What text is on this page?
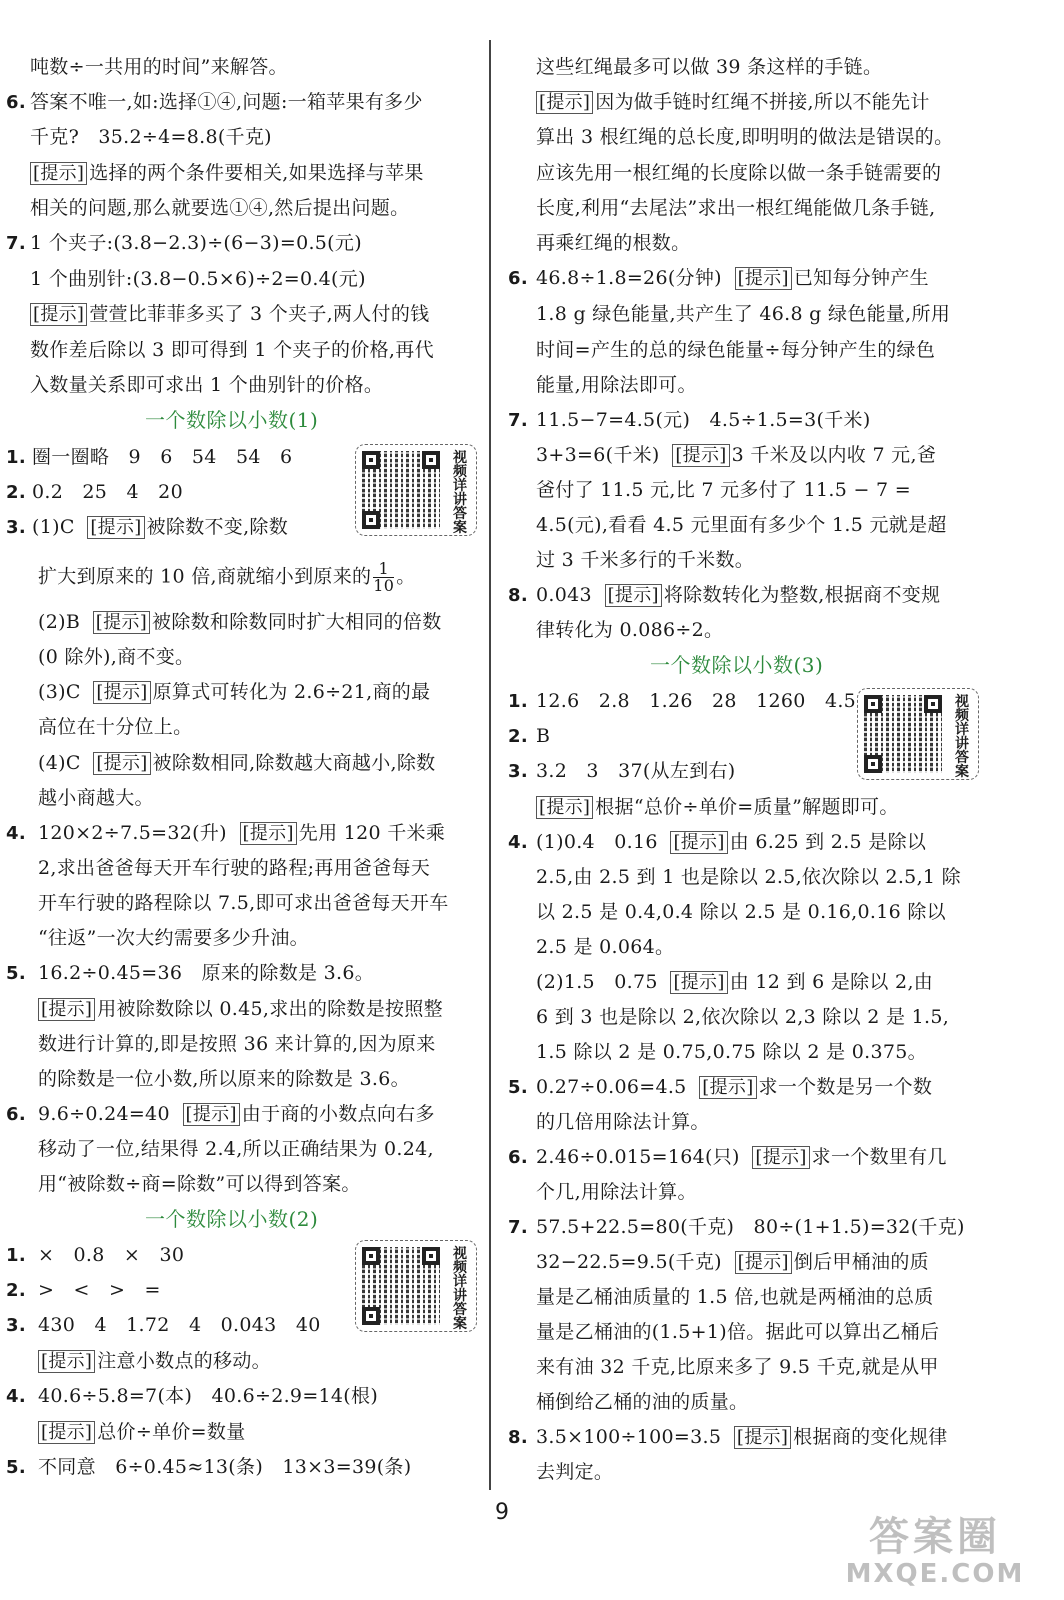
吨数÷一共用的时间”来解答。
6. 答案不唯一,如:选择①④,问题:一箱苹果有多少
千克?　35.2÷4=8.8(千克)
[提示] 选择的两个条件要相关,如果选择与苹果
相关的问题,那么就要选①④,然后提出问题。
7. 1 个夹子:(3.8−2.3)÷(6−3)=0.5(元)
1 个曲别针:(3.8−0.5×6)÷2=0.4(元)
[提示] 萱萱比菲菲多买了 3 个夹子,两人付的钱
数作差后除以 3 即可得到 1 个夹子的价格,再代
入数量关系即可求出 1 个曲别针的价格。
一个数除以小数(1)
1. 圈一圈略　9　6　54　54　6
2. 0.2　25　4　20
3. (1)C [提示] 被除数不变,除数
视频详讲答案
扩大到原来的 10 倍,商就缩小到原来的 $\frac{1}{10}$ 。
(2)B [提示] 被除数和除数同时扩大相同的倍数
(0 除外),商不变。
(3)C [提示] 原算式可转化为 2.6÷21,商的最
高位在十分位上。
(4)C [提示] 被除数相同,除数越大商越小,除数
越小商越大。
4. 120×2÷7.5=32(升) [提示] 先用 120 千米乘
2,求出爸爸每天开车行驶的路程;再用爸爸每天
开车行驶的路程除以 7.5,即可求出爸爸每天开车
“往返”一次大约需要多少升油。
5. 16.2÷0.45=36　原来的除数是 3.6。
[提示] 用被除数除以 0.45,求出的除数是按照整
数进行计算的,即是按照 36 来计算的,因为原来
的除数是一位小数,所以原来的除数是 3.6。
6. 9.6÷0.24=40 [提示] 由于商的小数点向右多
移动了一位,结果得 2.4,所以正确结果为 0.24,
用“被除数÷商=除数”可以得到答案。
一个数除以小数(2)
1. ×　0.8　×　30
2. >　<　>　=
3. 430　4　1.72　4　0.043　40
视频详讲答案
[提示] 注意小数点的移动。
4. 40.6÷5.8=7(本)　40.6÷2.9=14(根)
[提示] 总价÷单价=数量
5. 不同意　6÷0.45≈13(条)　13×3=39(条)
这些红绳最多可以做 39 条这样的手链。
[提示] 因为做手链时红绳不拼接,所以不能先计
算出 3 根红绳的总长度,即明明的做法是错误的。
应该先用一根红绳的长度除以做一条手链需要的
长度,利用“去尾法”求出一根红绳能做几条手链,
再乘红绳的根数。
6. 46.8÷1.8=26(分钟) [提示] 已知每分钟产生
1.8 g 绿色能量,共产生了 46.8 g 绿色能量,所用
时间=产生的总的绿色能量÷每分钟产生的绿色
能量,用除法即可。
7. 11.5−7=4.5(元)　4.5÷1.5=3(千米)
3+3=6(千米) [提示] 3 千米及以内收 7 元,爸
爸付了 11.5 元,比 7 元多付了 11.5 − 7 =
4.5(元),看看 4.5 元里面有多少个 1.5 元就是超
过 3 千米多行的千米数。
8. 0.043 [提示] 将除数转化为整数,根据商不变规
律转化为 0.086÷2。
一个数除以小数(3)
1. 12.6　2.8　1.26　28　1260　4.5
2. B
3. 3.2　3　37(从左到右)
视频详讲答案
[提示] 根据“总价÷单价=质量”解题即可。
4. (1)0.4　0.16 [提示] 由 6.25 到 2.5 是除以
2.5,由 2.5 到 1 也是除以 2.5,依次除以 2.5,1 除
以 2.5 是 0.4,0.4 除以 2.5 是 0.16,0.16 除以
2.5 是 0.064。
(2)1.5　0.75 [提示] 由 12 到 6 是除以 2,由
6 到 3 也是除以 2,依次除以 2,3 除以 2 是 1.5,
1.5 除以 2 是 0.75,0.75 除以 2 是 0.375。
5. 0.27÷0.06=4.5 [提示] 求一个数是另一个数
的几倍用除法计算。
6. 2.46÷0.015=164(只) [提示] 求一个数里有几
个几,用除法计算。
7. 57.5+22.5=80(千克)　80÷(1+1.5)=32(千克)
32−22.5=9.5(千克) [提示] 倒后甲桶油的质
量是乙桶油质量的 1.5 倍,也就是两桶油的总质
量是乙桶油的(1.5+1)倍。据此可以算出乙桶后
来有油 32 千克,比原来多了 9.5 千克,就是从甲
桶倒给乙桶的油的质量。
8. 3.5×100÷100=3.5 [提示] 根据商的变化规律
去判定。
9
答案圈
MXQE.COM
